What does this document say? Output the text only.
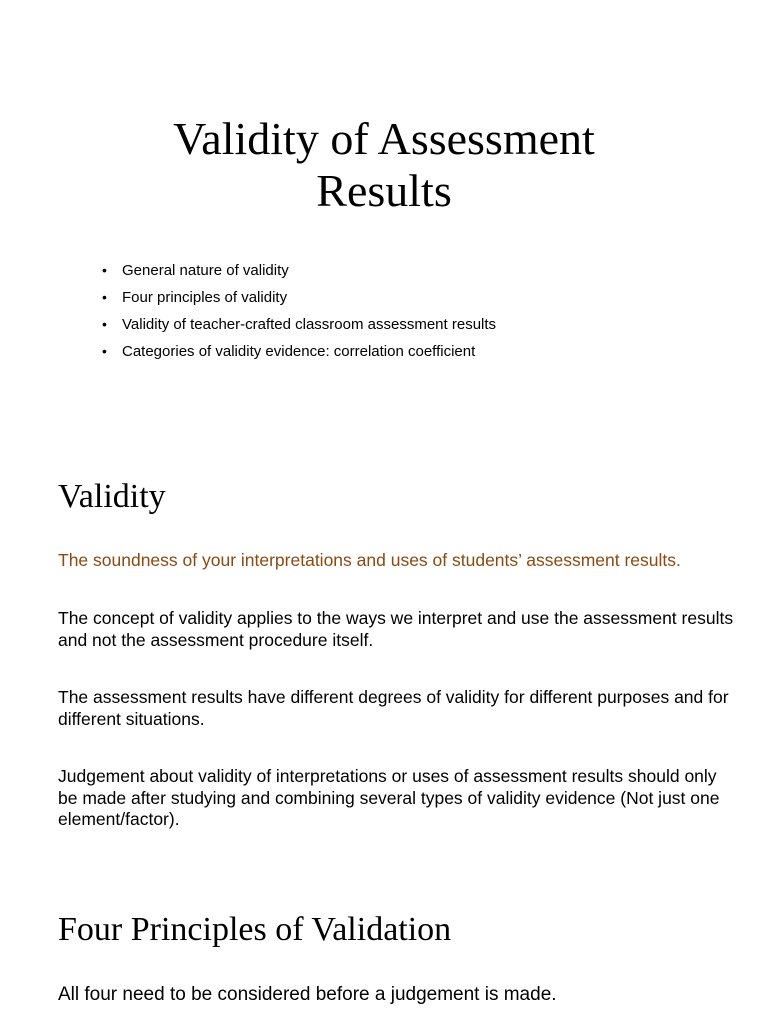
Validity of Assessment
Results
• General nature of validity
• Four principles of validity
• Validity of teacher-crafted classroom assessment results
• Categories of validity evidence: correlation coefficient
Validity

The soundness of your interpretations and uses of students’ assessment results.

The concept of validity applies to the ways we interpret and use the assessment results and not the assessment procedure itself.

The assessment results have different degrees of validity for different purposes and for different situations.

Judgement about validity of interpretations or uses of assessment results should only be made after studying and combining several types of validity evidence (Not just one element/factor).

Four Principles of Validation

All four need to be considered before a judgement is made.
